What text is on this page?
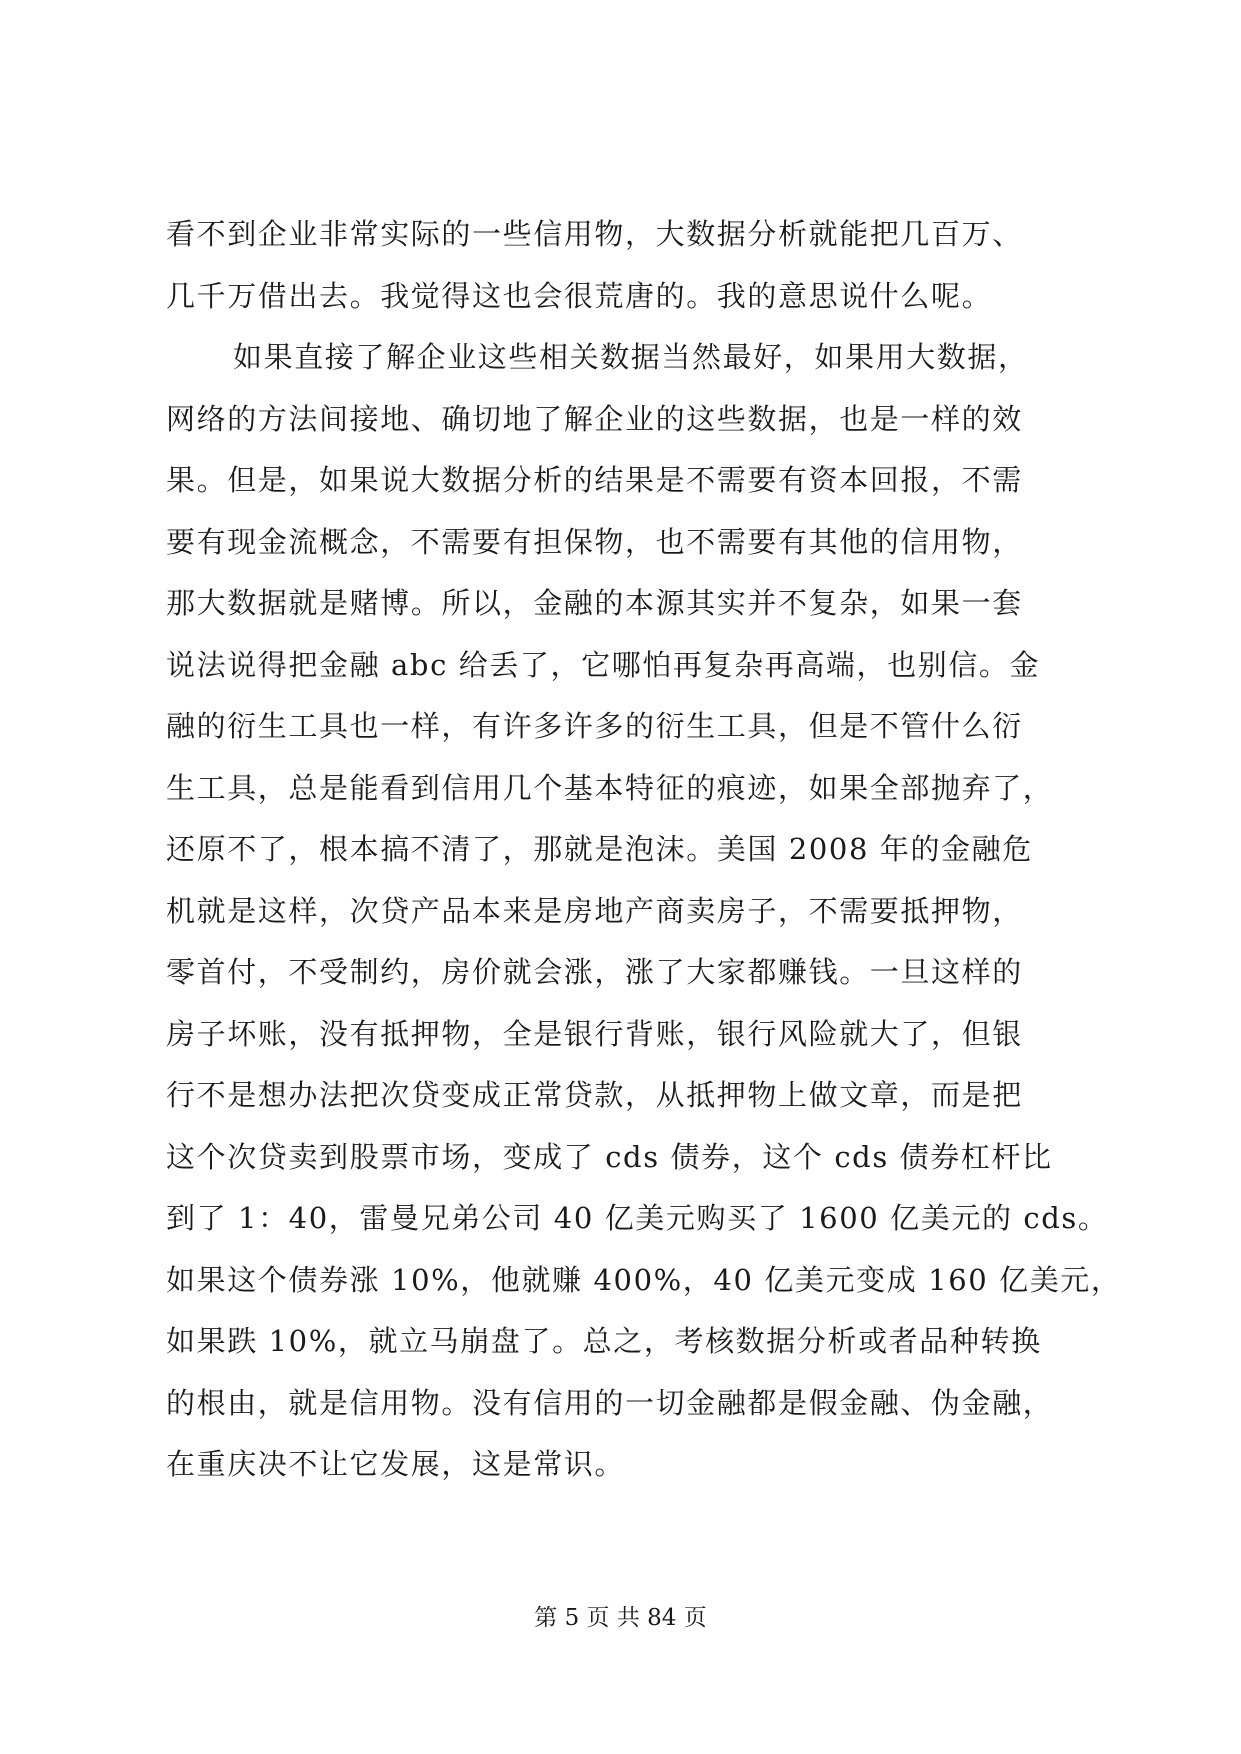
看不到企业非常实际的一些信用物，大数据分析就能把几百万、
几千万借出去。我觉得这也会很荒唐的。我的意思说什么呢。
如果直接了解企业这些相关数据当然最好，如果用大数据，
网络的方法间接地、确切地了解企业的这些数据，也是一样的效
果。但是，如果说大数据分析的结果是不需要有资本回报，不需
要有现金流概念，不需要有担保物，也不需要有其他的信用物，
那大数据就是赌博。所以，金融的本源其实并不复杂，如果一套
说法说得把金融 abc 给丢了，它哪怕再复杂再高端，也别信。金
融的衍生工具也一样，有许多许多的衍生工具，但是不管什么衍
生工具，总是能看到信用几个基本特征的痕迹，如果全部抛弃了，
还原不了，根本搞不清了，那就是泡沫。美国 2008 年的金融危
机就是这样，次贷产品本来是房地产商卖房子，不需要抵押物，
零首付，不受制约，房价就会涨，涨了大家都赚钱。一旦这样的
房子坏账，没有抵押物，全是银行背账，银行风险就大了，但银
行不是想办法把次贷变成正常贷款，从抵押物上做文章，而是把
这个次贷卖到股票市场，变成了 cds 债券，这个 cds 债券杠杆比
到了 1：40，雷曼兄弟公司 40 亿美元购买了 1600 亿美元的 cds。
如果这个债券涨 10%，他就赚 400%，40 亿美元变成 160 亿美元，
如果跌 10%，就立马崩盘了。总之，考核数据分析或者品种转换
的根由，就是信用物。没有信用的一切金融都是假金融、伪金融，
在重庆决不让它发展，这是常识。
第 5 页 共 84 页
